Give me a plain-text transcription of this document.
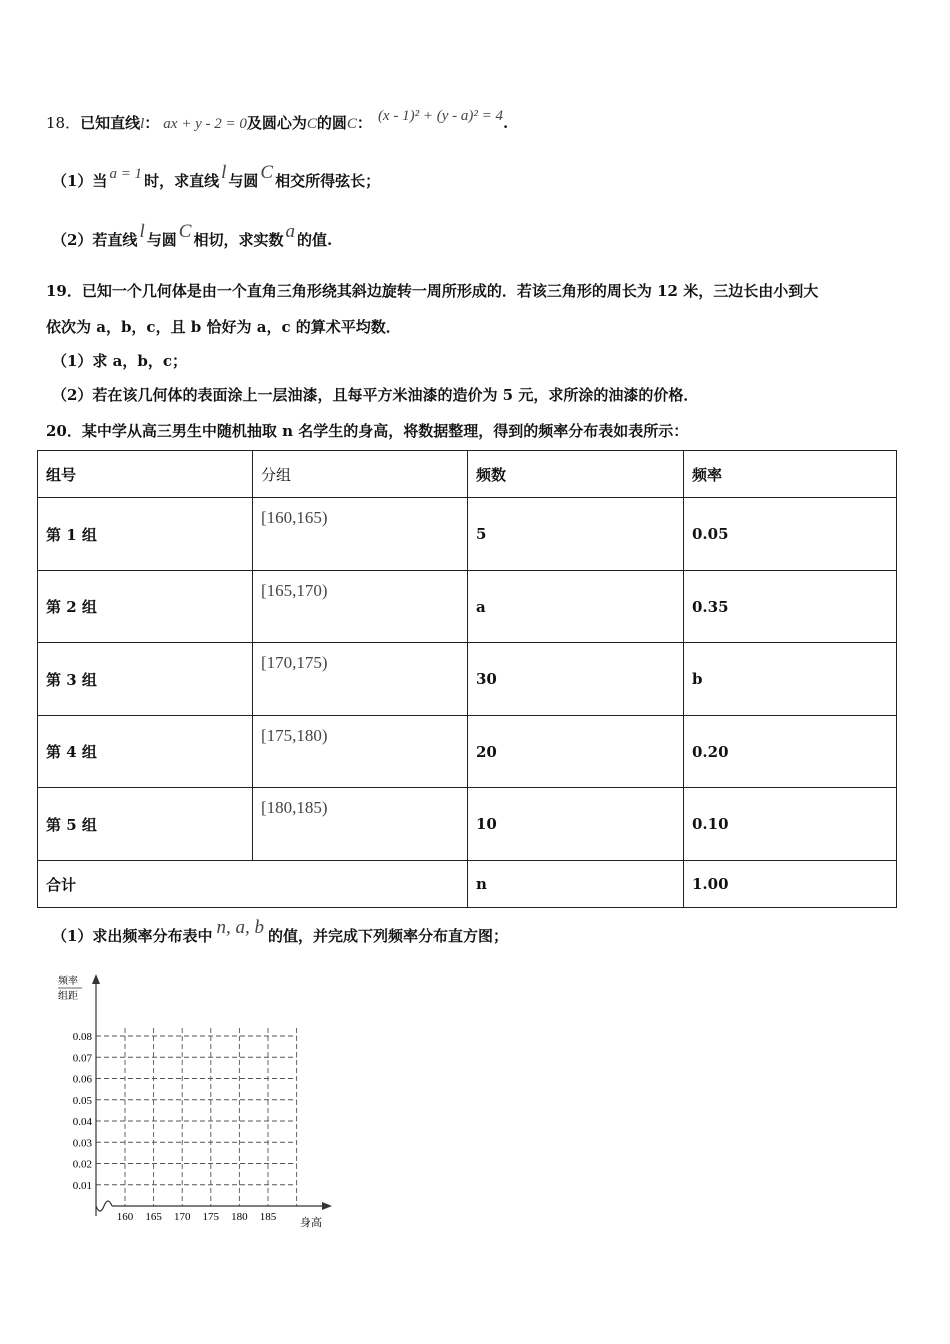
18．已知直线l： ax + y - 2 = 0及圆心为C的圆C： (x - 1)² + (y - a)² = 4.
（1）当 a = 1 时，求直线 l 与圆 C 相交所得弦长；
（2）若直线 l 与圆 C 相切，求实数 a 的值.
19．已知一个几何体是由一个直角三角形绕其斜边旋转一周所形成的．若该三角形的周长为 12 米，三边长由小到大
依次为 a，b，c，且 b 恰好为 a，c 的算术平均数．
（1）求 a，b，c；
（2）若在该几何体的表面涂上一层油漆，且每平方米油漆的造价为 5 元，求所涂的油漆的价格．
20．某中学从高三男生中随机抽取 n 名学生的身高，将数据整理，得到的频率分布表如表所示：
组号	分组	频数	频率
第 1 组	[160,165)	5	0.05
第 2 组	[165,170)	a	0.35
第 3 组	[170,175)	30	b
第 4 组	[175,180)	20	0.20
第 5 组	[180,185)	10	0.10
合计		n	1.00
（1）求出频率分布表中 n, a, b 的值，并完成下列频率分布直方图；
频率
组距
身高
0.01
0.02
0.03
0.04
0.05
0.06
0.07
0.08
160 165 170 175 180 185
